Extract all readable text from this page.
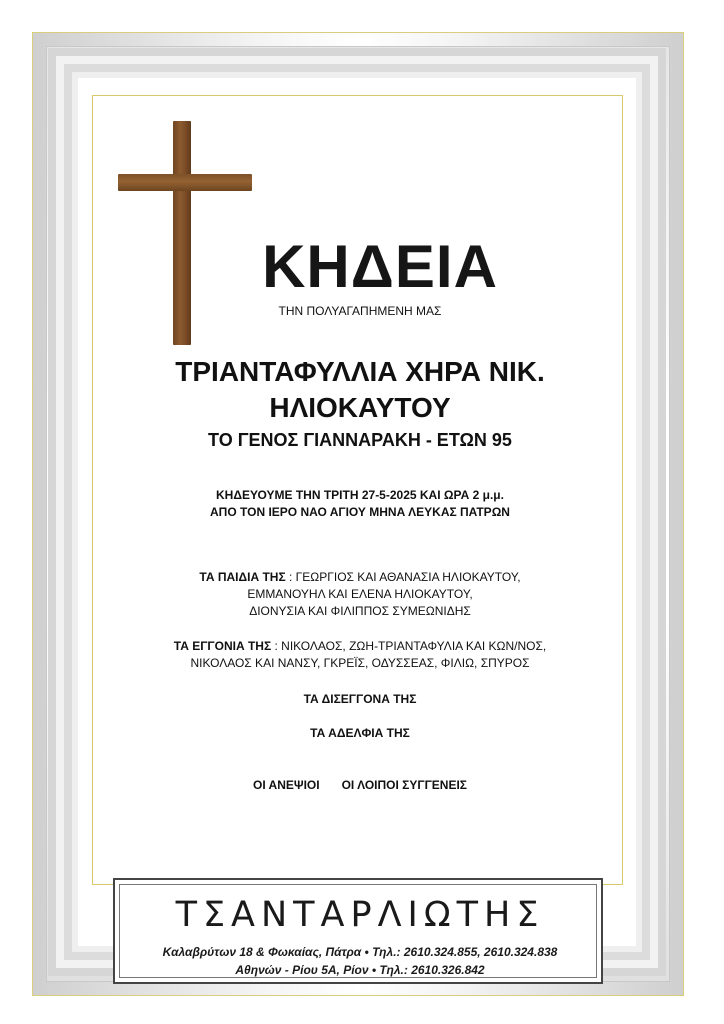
ΚΗΔΕΙΑ
ΤΗΝ ΠΟΛΥΑΓΑΠΗΜΕΝΗ ΜΑΣ
ΤΡΙΑΝΤΑΦΥΛΛΙΑ ΧΗΡΑ ΝΙΚ.
ΗΛΙΟΚΑΥΤΟΥ
ΤΟ ΓΕΝΟΣ ΓΙΑΝΝΑΡΑΚΗ - ΕΤΩΝ 95
ΚΗΔΕΥΟΥΜΕ ΤΗΝ ΤΡΙΤΗ 27-5-2025 ΚΑΙ ΩΡΑ 2 μ.μ.
ΑΠΟ ΤΟΝ ΙΕΡΟ ΝΑΟ ΑΓΙΟΥ ΜΗΝΑ ΛΕΥΚΑΣ ΠΑΤΡΩΝ
ΤΑ ΠΑΙΔΙΑ ΤΗΣ : ΓΕΩΡΓΙΟΣ ΚΑΙ ΑΘΑΝΑΣΙΑ ΗΛΙΟΚΑΥΤΟΥ,
ΕΜΜΑΝΟΥΗΛ ΚΑΙ ΕΛΕΝΑ ΗΛΙΟΚΑΥΤΟΥ,
ΔΙΟΝΥΣΙΑ ΚΑΙ ΦΙΛΙΠΠΟΣ ΣΥΜΕΩΝΙΔΗΣ
ΤΑ ΕΓΓΟΝΙΑ ΤΗΣ : ΝΙΚΟΛΑΟΣ, ΖΩΗ-ΤΡΙΑΝΤΑΦΥΛΙΑ ΚΑΙ ΚΩΝ/ΝΟΣ,
ΝΙΚΟΛΑΟΣ ΚΑΙ ΝΑΝΣΥ, ΓΚΡΕΪΣ, ΟΔΥΣΣΕΑΣ, ΦΙΛΙΩ, ΣΠΥΡΟΣ
ΤΑ ΔΙΣΕΓΓΟΝΑ ΤΗΣ
ΤΑ ΑΔΕΛΦΙΑ ΤΗΣ
ΟΙ ΑΝΕΨΙΟΙ ΟΙ ΛΟΙΠΟΙ ΣΥΓΓΕΝΕΙΣ
ΤΣΑΝΤΑΡΛΙΩΤΗΣ
Καλαβρύτων 18 & Φωκαίας, Πάτρα • Τηλ.: 2610.324.855, 2610.324.838
Αθηνών - Ρίου 5Α, Ρίον • Τηλ.: 2610.326.842
